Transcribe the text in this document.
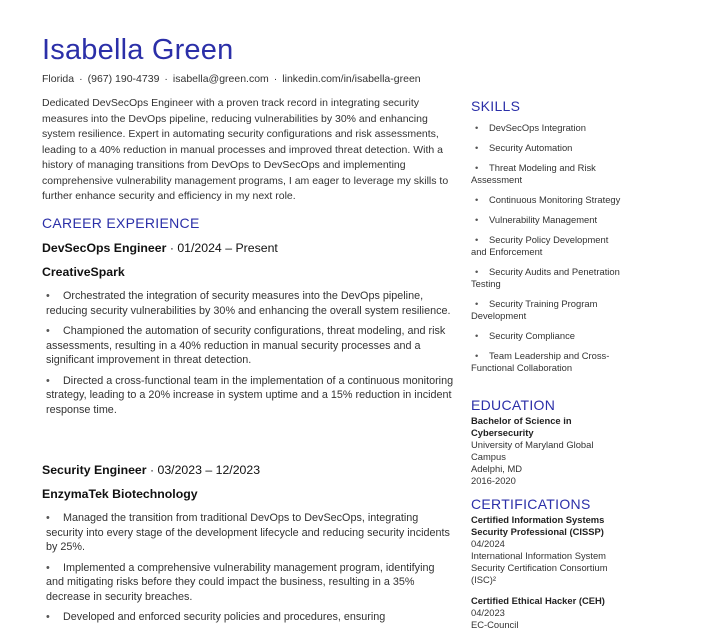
Isabella Green
Florida · (967) 190-4739 · isabella@green.com · linkedin.com/in/isabella-green
Dedicated DevSecOps Engineer with a proven track record in integrating security measures into the DevOps pipeline, reducing vulnerabilities by 30% and enhancing system resilience. Expert in automating security configurations and risk assessments, leading to a 40% reduction in manual processes and improved threat detection. With a history of managing transitions from DevOps to DevSecOps and implementing comprehensive vulnerability management programs, I am eager to leverage my skills to further enhance security and efficiency in my next role.
CAREER EXPERIENCE
DevSecOps Engineer · 01/2024 – Present
CreativeSpark
• Orchestrated the integration of security measures into the DevOps pipeline, reducing security vulnerabilities by 30% and enhancing the overall system resilience.
• Championed the automation of security configurations, threat modeling, and risk assessments, resulting in a 40% reduction in manual security processes and a significant improvement in threat detection.
• Directed a cross-functional team in the implementation of a continuous monitoring strategy, leading to a 20% increase in system uptime and a 15% reduction in incident response time.
Security Engineer · 03/2023 – 12/2023
EnzymaTek Biotechnology
• Managed the transition from traditional DevOps to DevSecOps, integrating security into every stage of the development lifecycle and reducing security incidents by 25%.
• Implemented a comprehensive vulnerability management program, identifying and mitigating risks before they could impact the business, resulting in a 35% decrease in security breaches.
• Developed and enforced security policies and procedures, ensuring
SKILLS
• DevSecOps Integration
• Security Automation
• Threat Modeling and Risk Assessment
• Continuous Monitoring Strategy
• Vulnerability Management
• Security Policy Development and Enforcement
• Security Audits and Penetration Testing
• Security Training Program Development
• Security Compliance
• Team Leadership and Cross-Functional Collaboration
EDUCATION
Bachelor of Science in Cybersecurity
University of Maryland Global Campus
Adelphi, MD
2016-2020
CERTIFICATIONS
Certified Information Systems Security Professional (CISSP)
04/2024
International Information System Security Certification Consortium (ISC)²
Certified Ethical Hacker (CEH)
04/2023
EC-Council
